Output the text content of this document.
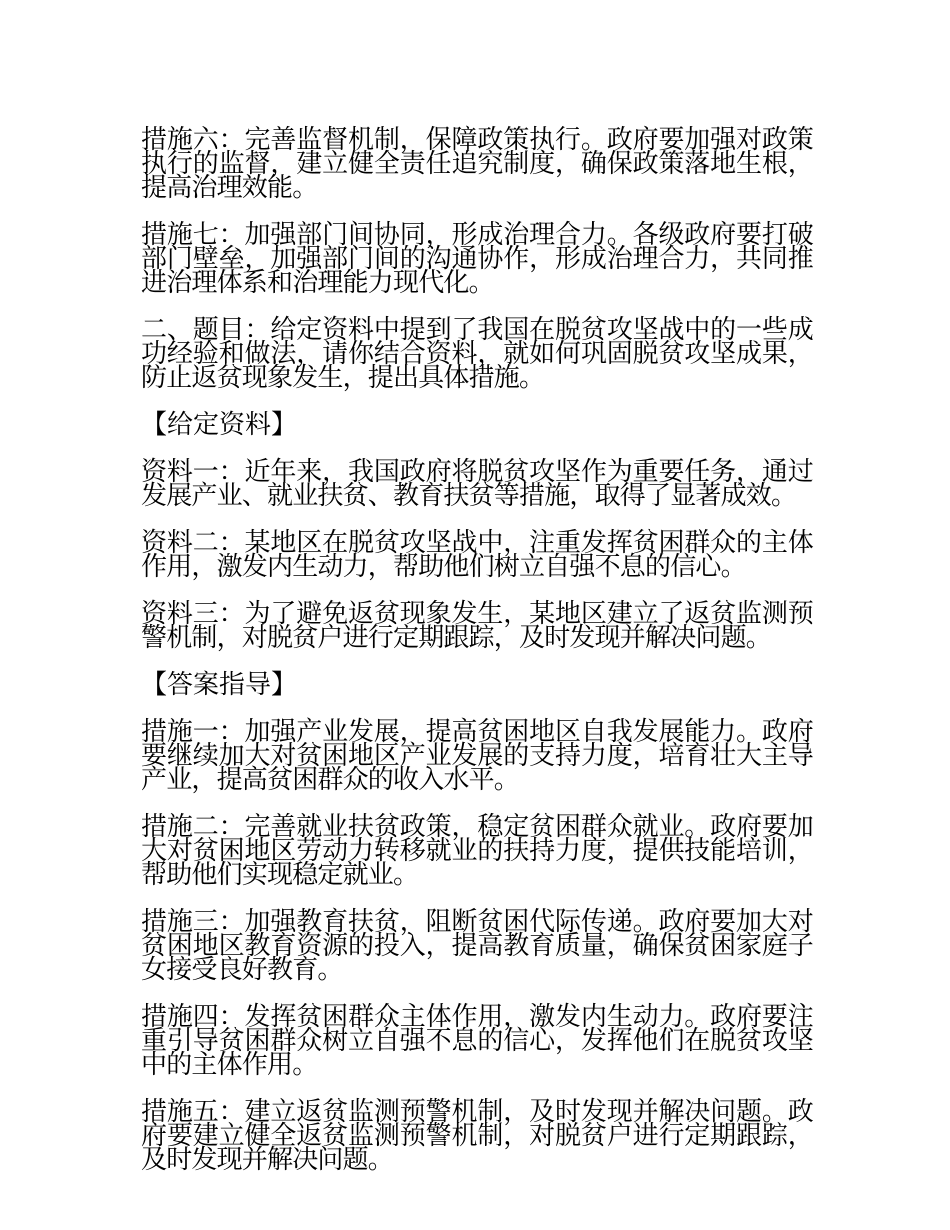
措施六：完善监督机制，保障政策执行。政府要加强对政策执行的监督，建立健全责任追究制度，确保政策落地生根，提高治理效能。

措施七：加强部门间协同，形成治理合力。各级政府要打破部门壁垒，加强部门间的沟通协作，形成治理合力，共同推进治理体系和治理能力现代化。

二、题目：给定资料中提到了我国在脱贫攻坚战中的一些成功经验和做法，请你结合资料，就如何巩固脱贫攻坚成果，防止返贫现象发生，提出具体措施。

【给定资料】

资料一：近年来，我国政府将脱贫攻坚作为重要任务，通过发展产业、就业扶贫、教育扶贫等措施，取得了显著成效。

资料二：某地区在脱贫攻坚战中，注重发挥贫困群众的主体作用，激发内生动力，帮助他们树立自强不息的信心。

资料三：为了避免返贫现象发生，某地区建立了返贫监测预警机制，对脱贫户进行定期跟踪，及时发现并解决问题。

【答案指导】

措施一：加强产业发展，提高贫困地区自我发展能力。政府要继续加大对贫困地区产业发展的支持力度，培育壮大主导产业，提高贫困群众的收入水平。

措施二：完善就业扶贫政策，稳定贫困群众就业。政府要加大对贫困地区劳动力转移就业的扶持力度，提供技能培训，帮助他们实现稳定就业。

措施三：加强教育扶贫，阻断贫困代际传递。政府要加大对贫困地区教育资源的投入，提高教育质量，确保贫困家庭子女接受良好教育。

措施四：发挥贫困群众主体作用，激发内生动力。政府要注重引导贫困群众树立自强不息的信心，发挥他们在脱贫攻坚中的主体作用。

措施五：建立返贫监测预警机制，及时发现并解决问题。政府要建立健全返贫监测预警机制，对脱贫户进行定期跟踪，及时发现并解决问题。
